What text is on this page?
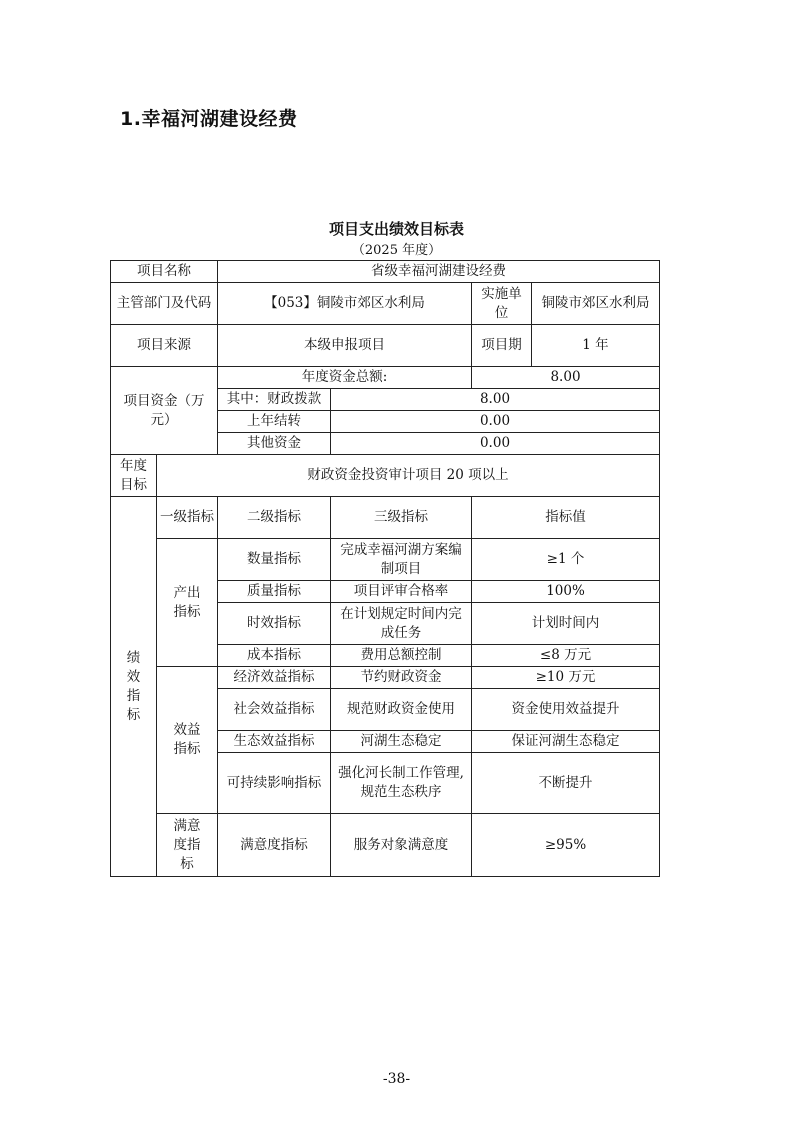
1.幸福河湖建设经费
项目支出绩效目标表
（2025 年度）
项目名称		省级幸福河湖建设经费			
主管部门及代码		【053】铜陵市郊区水利局		实施单位	铜陵市郊区水利局
项目来源		本级申报项目		项目期	1 年
项目资金（万元）		年度资金总额:		8.00	
		其中：财政拨款	8.00		
		上年结转	0.00		
		其他资金	0.00		
年度目标	财政资金投资审计项目 20 项以上				

绩效指标	一级指标	二级指标	三级指标	指标值	

	产出指标	数量指标	完成幸福河湖方案编制项目	≥1 个	
		质量指标	项目评审合格率	100%	
		时效指标	在计划规定时间内完成任务	计划时间内	
		成本指标	费用总额控制	≤8 万元	

	效益指标	经济效益指标	节约财政资金	≥10 万元	
		社会效益指标	规范财政资金使用	资金使用效益提升	
		生态效益指标	河湖生态稳定	保证河湖生态稳定	
		可持续影响指标	强化河长制工作管理,规范生态秩序	不断提升	

	满意度指标	满意度指标	服务对象满意度	≥95%	
-38-
